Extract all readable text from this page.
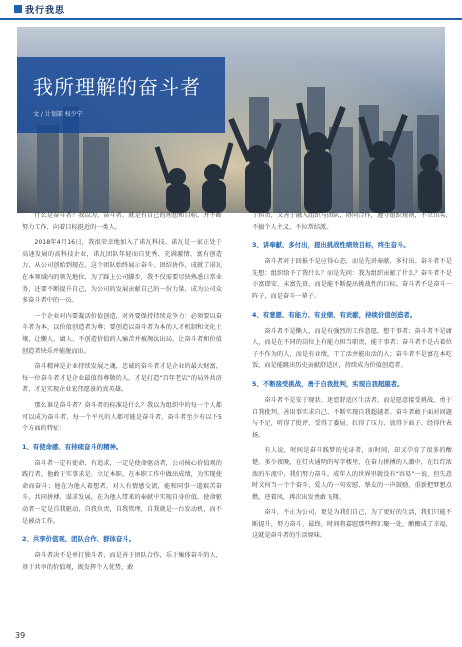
我行我思
我所理解的奋斗者
文 / 计划部 权少宁

什么是奋斗者？我以为，奋斗者，就是有自己的理想和目标，并不断努力工作，向着目标挺近的一类人。

2018年4月16日，我很荣幸地加入了诺瓦科技。诺瓦是一家正处于高速发展的高科技企业，诺瓦团队年轻而自优秀、充满激情、富有创造力，从公司创始到现在，这个团队始终展示奋斗、团结协作，成就了诺瓦在本领域内的领先地位，为了踩上公司脚步，我不仅需要尽快熟悉日常业务，还要不断提升自己，为公司的发展贡献自己的一份力量，成为公司众多奋斗者中的一员。

一个企业对内要凝活价值创造，对外要保持持续竞争力：必须要以奋斗者为本，以价值创造者为尊；要创造以奋斗者为本的人才机制和文化土壤，让懒人、庸人、不创造价值的人痛苦并被淘汰出局，让奋斗者和价值创造者快乐并能脱而出。

奋斗精神是企业持续发展之魂，忠诚的奋斗者才是企业的最大财富，每一位奋斗者才是企业最值得尊敬的人，才是打造“百年老店”的局外共济者，才是实现企业宏伟愿景的真英雄。

那么谁是奋斗者？奋斗者的标准是什么？我以为组织中的每一个人都可以成为奋斗者，每一个平凡的人都可能是奋斗者，奋斗者至少有以下5个方面的特征：

1、有使命感、有持续奋斗的精神。

奋斗者一定有使命、有追求，一定是使命驱动者，公司核心价值观的践行者。他敢于实事求是、立足本职、在本职工作中做出成绩，为实现使命而奋斗；他在为他人着想者，对人有情感交流，能和同事一道艰苦奋斗、共同拼搏，谋求发展，在为他人带来的奉献中实现自身价值。使命驱动者一定是自我驱动，自我负责，自我管理，自我就是一台发动机，而不是被动工作。

2、共享价值观、团队合作、群体奋斗。

奋斗者决不是单打独斗者，而是善于团队合作，乐于集体奋斗的人，基于共享的价值观，既发挥个人优势，敢

于担责，又善于融入组织与团队，协同合作，遵守组织规则，不立山头，不搞个人主义，不拉帮结派。

3、讲奉献、多付出，提出挑战性绩效目标，终生奋斗。

奋斗者对于回报不是应得心态，而是先讲奉献、多付出。奋斗者不是先想：组织给予了我什么？而是先问：我为组织贡献了什么？奋斗者不是小富即安、未富先贵，而是能不断提出挑战性的目标。奋斗者不是奋斗一阵子，而是奋斗一辈子。

4、有意愿、有能力、有业绩、有贡献，持续价值创造者。

奋斗者不是懒人，而是有强烈的工作意愿，想干事者；奋斗者不是庸人，而是在不同的岗位上有能力担当职责，能干事者；奋斗者不是占着位子不作为的人，而是有业绩，干了活并能出活的人；奋斗者不是富在本吃饭，而是能跳出历史贡献舒适区，持续成为价值创造者。

5、不断接受挑战，勇于自我批判，实现自我超越者。

奋斗者不是安于现状、迷恋舒适区生活者，而是愿意接受挑战、勇于自我批判、善用事实求自己、不断实现自我超越者。奋斗者敢于面对问题与不足，听得了批评、受得了委屈、扛得了压力、放得下面子、经得住表扬。

有人说，时间是奋斗践梦的见证者，而时间，却又孕育了很多的酸楚。多少夜晚，在灯火通明的写字楼里，在奋力拼搏的人潮中，在红灯浓浓的车流中，我们努力奋斗。成年人的世界里就没有“容易”一说，但失意时又何当一个个奋斗、爱人的一句安慰、挚友的一声鼓励，重新把梦想点燃，逆着风，再次出发勇敢飞翔。

奋斗，不止为公司，更是为我们自己，为了更好的生活，我们只能不断提升，努力奋斗，最终，时间将嘉慰那些辉汇聚一处，酿酿成了幸福，这就是奋斗者的生活原味。

39
